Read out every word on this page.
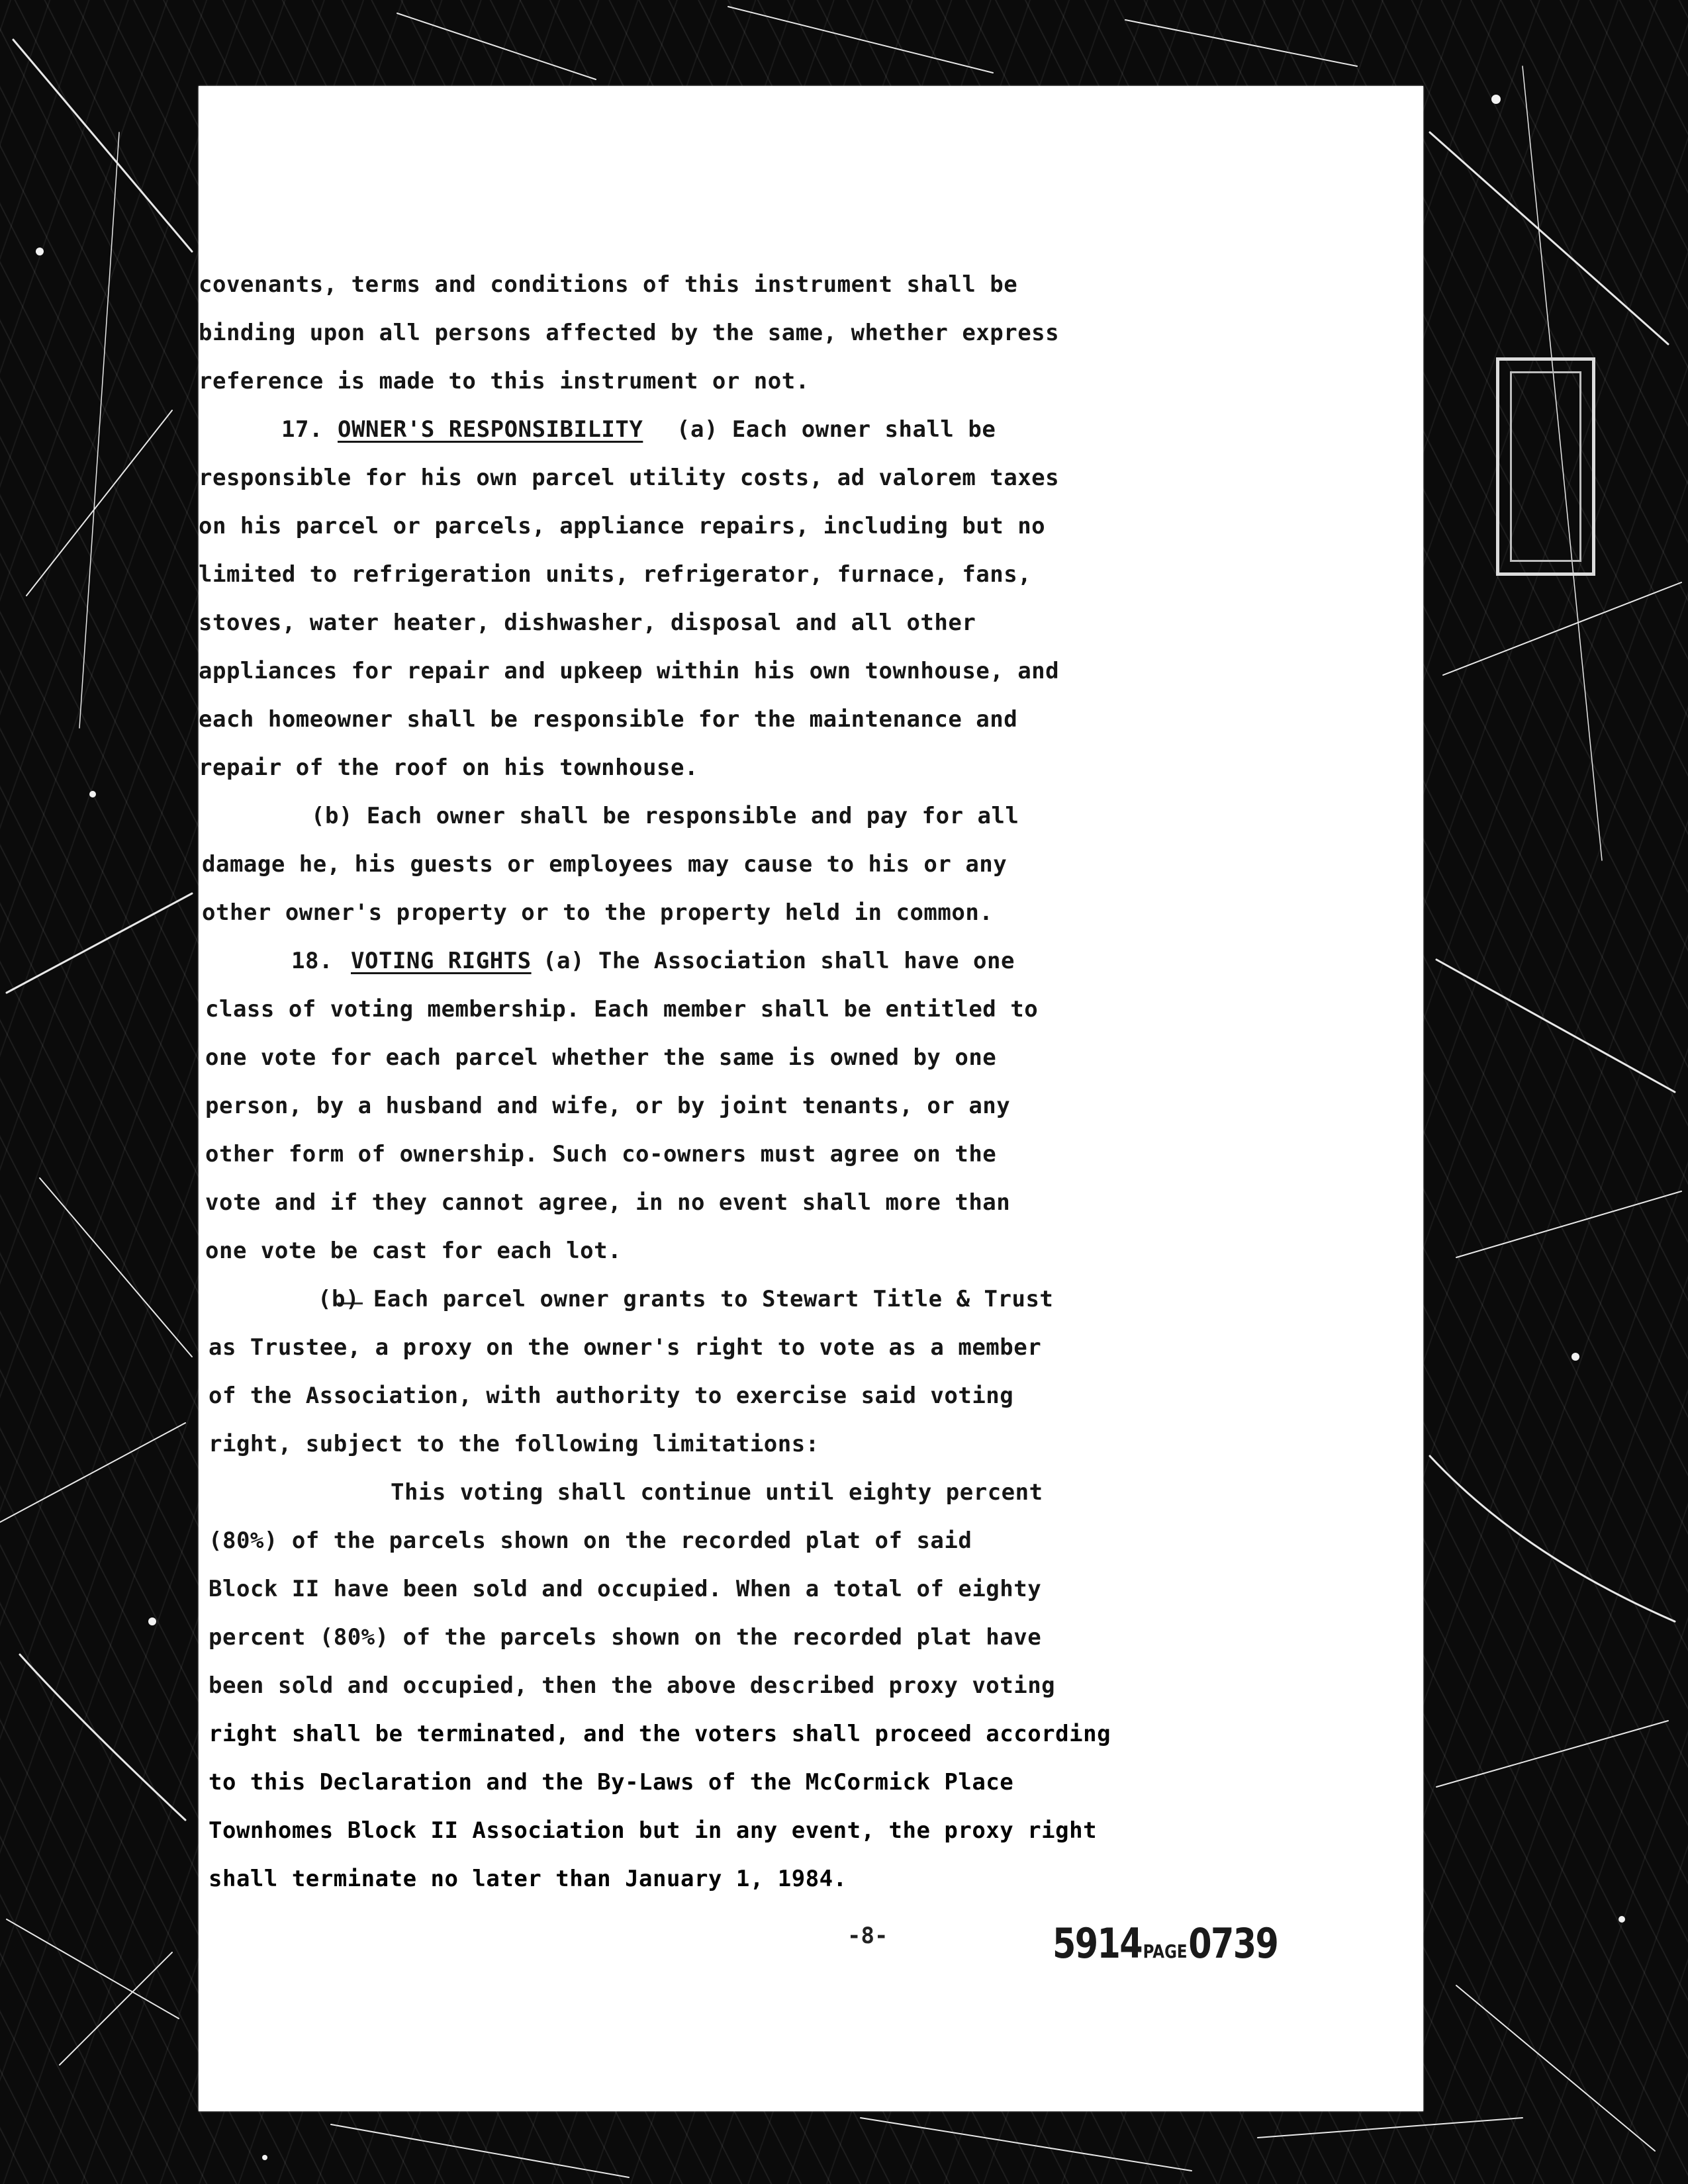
covenants, terms and conditions of this instrument shall be
binding upon all persons affected by the same, whether express
reference is made to this instrument or not.
17. OWNER'S RESPONSIBILITY (a) Each owner shall be
responsible for his own parcel utility costs, ad valorem taxes
on his parcel or parcels, appliance repairs, including but no
limited to refrigeration units, refrigerator, furnace, fans,
stoves, water heater, dishwasher, disposal and all other
appliances for repair and upkeep within his own townhouse, and
each homeowner shall be responsible for the maintenance and
repair of the roof on his townhouse.
(b) Each owner shall be responsible and pay for all
damage he, his guests or employees may cause to his or any
other owner's property or to the property held in common.
18. VOTING RIGHTS (a) The Association shall have one
class of voting membership. Each member shall be entitled to
one vote for each parcel whether the same is owned by one
person, by a husband and wife, or by joint tenants, or any
other form of ownership. Such co-owners must agree on the
vote and if they cannot agree, in no event shall more than
one vote be cast for each lot.
(b) Each parcel owner grants to Stewart Title & Trust
as Trustee, a proxy on the owner's right to vote as a member
of the Association, with authority to exercise said voting
right, subject to the following limitations:
This voting shall continue until eighty percent
(80%) of the parcels shown on the recorded plat of said
Block II have been sold and occupied. When a total of eighty
percent (80%) of the parcels shown on the recorded plat have
been sold and occupied, then the above described proxy voting
right shall be terminated, and the voters shall proceed according
to this Declaration and the By-Laws of the McCormick Place
Townhomes Block II Association but in any event, the proxy right
shall terminate no later than January 1, 1984.
-8-	5914 PAGE 0739
